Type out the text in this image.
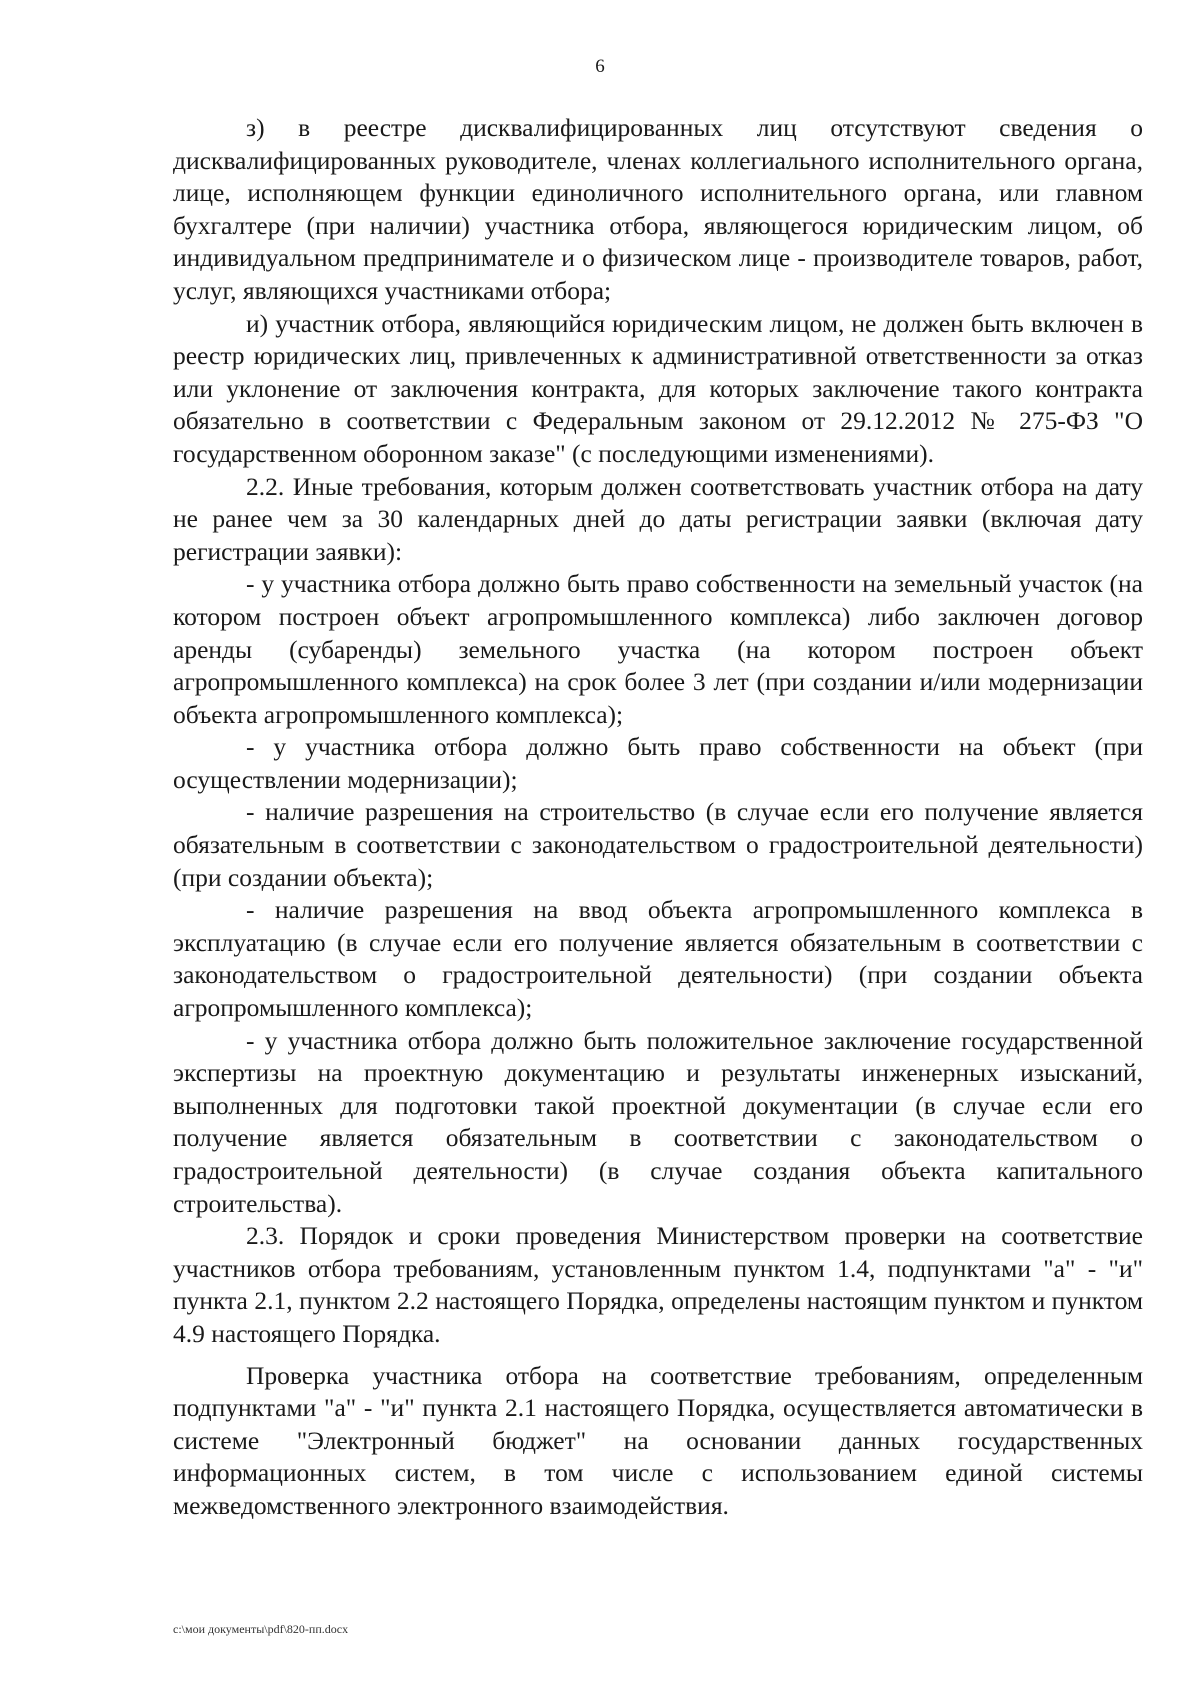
6

з) в реестре дисквалифицированных лиц отсутствуют сведения о дисквалифицированных руководителе, членах коллегиального исполнительного органа, лице, исполняющем функции единоличного исполнительного органа, или главном бухгалтере (при наличии) участника отбора, являющегося юридическим лицом, об индивидуальном предпринимателе и о физическом лице - производителе товаров, работ, услуг, являющихся участниками отбора;

и) участник отбора, являющийся юридическим лицом, не должен быть включен в реестр юридических лиц, привлеченных к административной ответственности за отказ или уклонение от заключения контракта, для которых заключение такого контракта обязательно в соответствии с Федеральным законом от 29.12.2012 № 275-ФЗ "О государственном оборонном заказе" (с последующими изменениями).

2.2. Иные требования, которым должен соответствовать участник отбора на дату не ранее чем за 30 календарных дней до даты регистрации заявки (включая дату регистрации заявки):

- у участника отбора должно быть право собственности на земельный участок (на котором построен объект агропромышленного комплекса) либо заключен договор аренды (субаренды) земельного участка (на котором построен объект агропромышленного комплекса) на срок более 3 лет (при создании и/или модернизации объекта агропромышленного комплекса);

- у участника отбора должно быть право собственности на объект (при осуществлении модернизации);

- наличие разрешения на строительство (в случае если его получение является обязательным в соответствии с законодательством о градостроительной деятельности) (при создании объекта);

- наличие разрешения на ввод объекта агропромышленного комплекса в эксплуатацию (в случае если его получение является обязательным в соответствии с законодательством о градостроительной деятельности) (при создании объекта агропромышленного комплекса);

- у участника отбора должно быть положительное заключение государственной экспертизы на проектную документацию и результаты инженерных изысканий, выполненных для подготовки такой проектной документации (в случае если его получение является обязательным в соответствии с законодательством о градостроительной деятельности) (в случае создания объекта капитального строительства).

2.3. Порядок и сроки проведения Министерством проверки на соответствие участников отбора требованиям, установленным пунктом 1.4, подпунктами "а" - "и" пункта 2.1, пунктом 2.2 настоящего Порядка, определены настоящим пунктом и пунктом 4.9 настоящего Порядка.

Проверка участника отбора на соответствие требованиям, определенным подпунктами "а" - "и" пункта 2.1 настоящего Порядка, осуществляется автоматически в системе "Электронный бюджет" на основании данных государственных информационных систем, в том числе с использованием единой системы межведомственного электронного взаимодействия.

c:\мои документы\pdf\820-пп.docx
